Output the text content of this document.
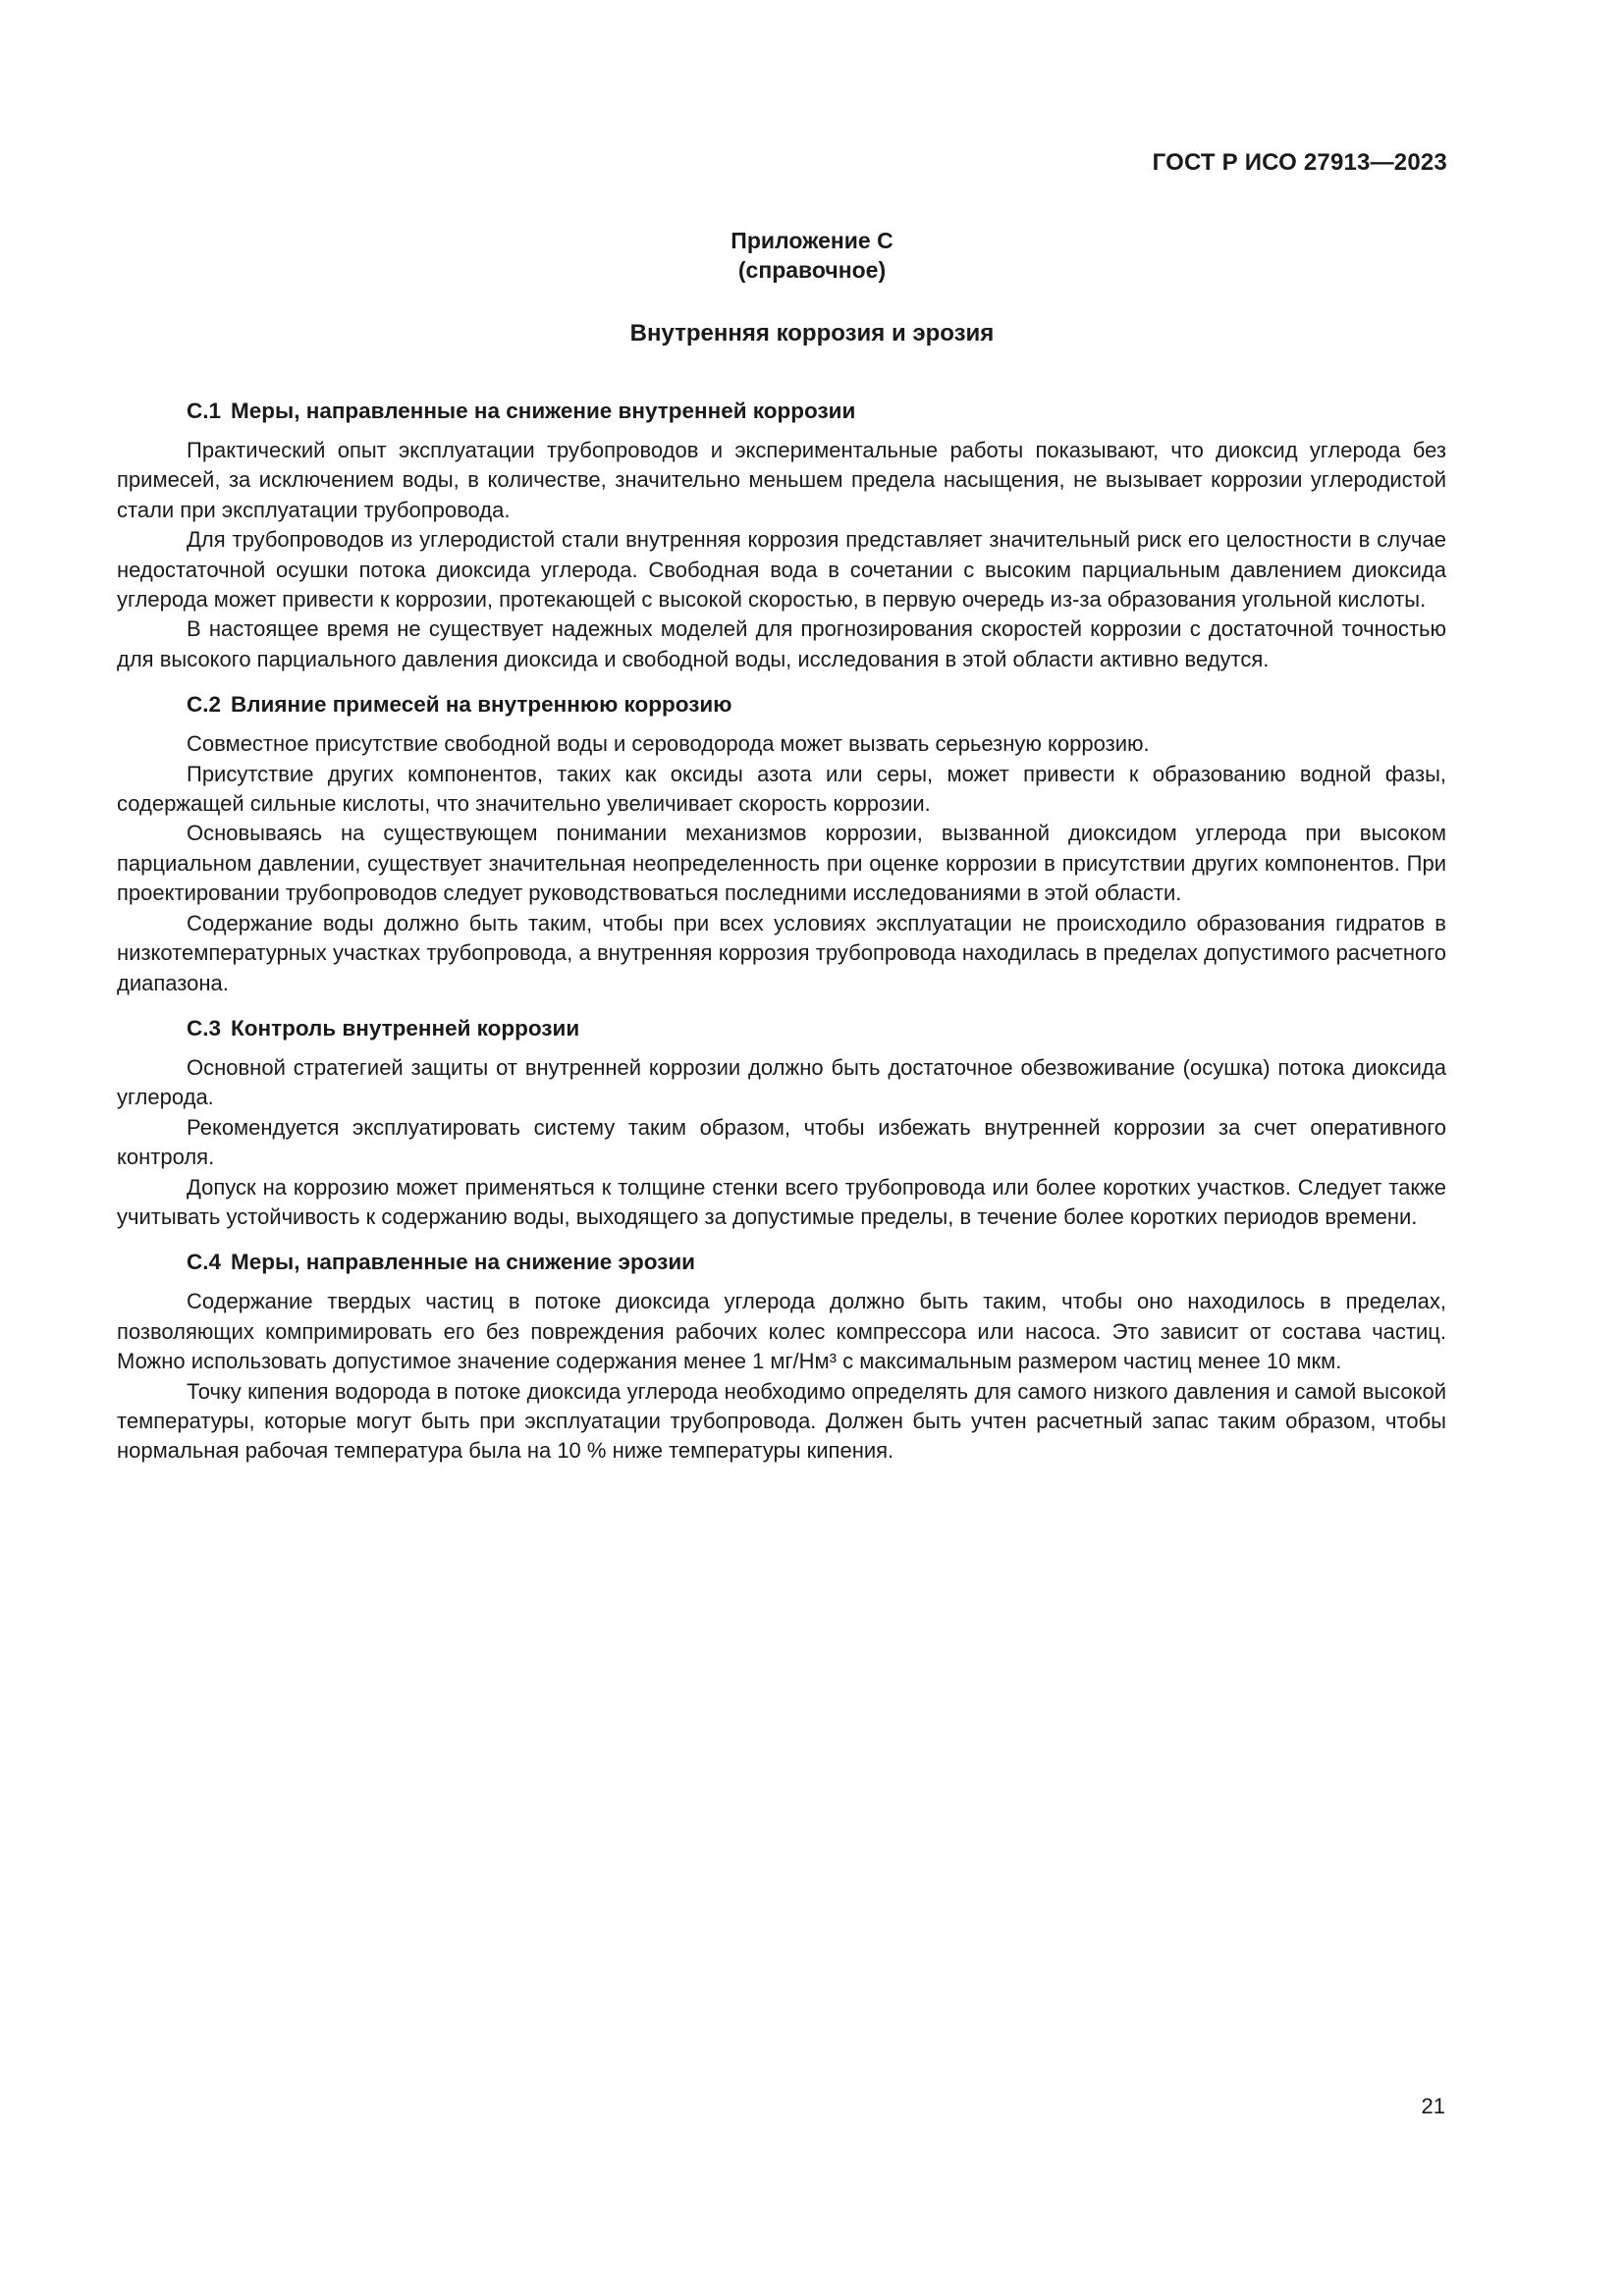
ГОСТ Р ИСО 27913—2023
Приложение С
(справочное)
Внутренняя коррозия и эрозия
С.1 Меры, направленные на снижение внутренней коррозии

Практический опыт эксплуатации трубопроводов и экспериментальные работы показывают, что диоксид углерода без примесей, за исключением воды, в количестве, значительно меньшем предела насыщения, не вызывает коррозии углеродистой стали при эксплуатации трубопровода.

Для трубопроводов из углеродистой стали внутренняя коррозия представляет значительный риск его целостности в случае недостаточной осушки потока диоксида углерода. Свободная вода в сочетании с высоким парциальным давлением диоксида углерода может привести к коррозии, протекающей с высокой скоростью, в первую очередь из-за образования угольной кислоты.

В настоящее время не существует надежных моделей для прогнозирования скоростей коррозии с достаточной точностью для высокого парциального давления диоксида и свободной воды, исследования в этой области активно ведутся.

С.2 Влияние примесей на внутреннюю коррозию

Совместное присутствие свободной воды и сероводорода может вызвать серьезную коррозию.

Присутствие других компонентов, таких как оксиды азота или серы, может привести к образованию водной фазы, содержащей сильные кислоты, что значительно увеличивает скорость коррозии.

Основываясь на существующем понимании механизмов коррозии, вызванной диоксидом углерода при высоком парциальном давлении, существует значительная неопределенность при оценке коррозии в присутствии других компонентов. При проектировании трубопроводов следует руководствоваться последними исследованиями в этой области.

Содержание воды должно быть таким, чтобы при всех условиях эксплуатации не происходило образования гидратов в низкотемпературных участках трубопровода, а внутренняя коррозия трубопровода находилась в пределах допустимого расчетного диапазона.

С.3 Контроль внутренней коррозии

Основной стратегией защиты от внутренней коррозии должно быть достаточное обезвоживание (осушка) потока диоксида углерода.

Рекомендуется эксплуатировать систему таким образом, чтобы избежать внутренней коррозии за счет оперативного контроля.

Допуск на коррозию может применяться к толщине стенки всего трубопровода или более коротких участков. Следует также учитывать устойчивость к содержанию воды, выходящего за допустимые пределы, в течение более коротких периодов времени.

С.4 Меры, направленные на снижение эрозии

Содержание твердых частиц в потоке диоксида углерода должно быть таким, чтобы оно находилось в пределах, позволяющих компримировать его без повреждения рабочих колес компрессора или насоса. Это зависит от состава частиц. Можно использовать допустимое значение содержания менее 1 мг/Нм³ с максимальным размером частиц менее 10 мкм.

Точку кипения водорода в потоке диоксида углерода необходимо определять для самого низкого давления и самой высокой температуры, которые могут быть при эксплуатации трубопровода. Должен быть учтен расчетный запас таким образом, чтобы нормальная рабочая температура была на 10 % ниже температуры кипения.

21
